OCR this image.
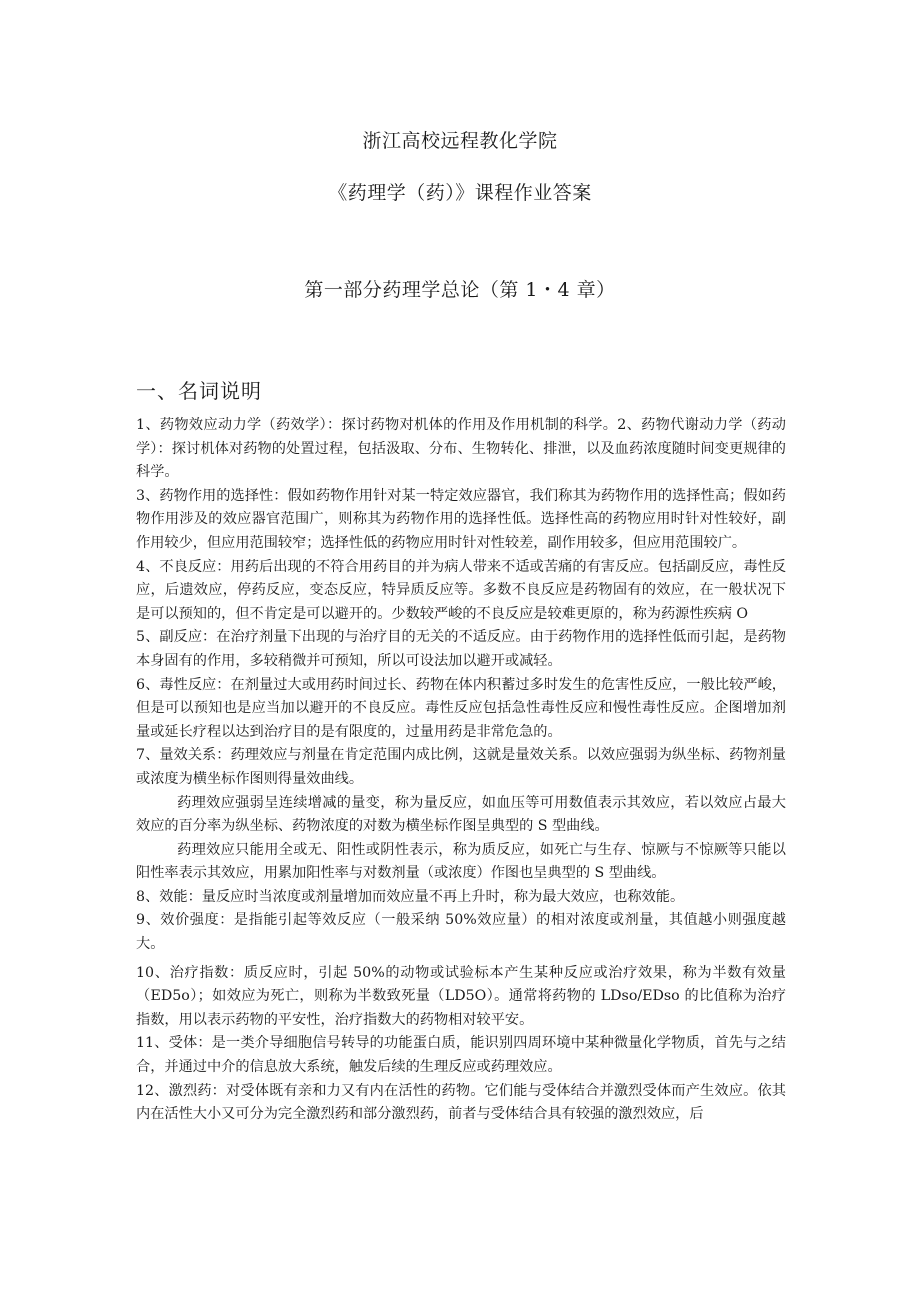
浙江高校远程教化学院
《药理学（药）》课程作业答案
第一部分药理学总论（第 1・4 章）
一、名词说明

1、药物效应动力学（药效学）：探讨药物对机体的作用及作用机制的科学。2、药物代谢动力学（药动学）：探讨机体对药物的处置过程，包括汲取、分布、生物转化、排泄，以及血药浓度随时间变更规律的科学。

3、药物作用的选择性：假如药物作用针对某一特定效应器官，我们称其为药物作用的选择性高；假如药物作用涉及的效应器官范围广，则称其为药物作用的选择性低。选择性高的药物应用时针对性较好，副作用较少，但应用范围较窄；选择性低的药物应用时针对性较差，副作用较多，但应用范围较广。

4、不良反应：用药后出现的不符合用药目的并为病人带来不适或苦痛的有害反应。包括副反应，毒性反应，后遗效应，停药反应，变态反应，特异质反应等。多数不良反应是药物固有的效应，在一般状况下是可以预知的，但不肯定是可以避开的。少数较严峻的不良反应是较难更原的，称为药源性疾病 O

5、副反应：在治疗剂量下出现的与治疗目的无关的不适反应。由于药物作用的选择性低而引起，是药物本身固有的作用，多较稍微并可预知，所以可设法加以避开或减轻。

6、毒性反应：在剂量过大或用药时间过长、药物在体内积蓄过多时发生的危害性反应，一般比较严峻，但是可以预知也是应当加以避开的不良反应。毒性反应包括急性毒性反应和慢性毒性反应。企图增加剂量或延长疗程以达到治疗目的是有限度的，过量用药是非常危急的。

7、量效关系：药理效应与剂量在肯定范围内成比例，这就是量效关系。以效应强弱为纵坐标、药物剂量或浓度为横坐标作图则得量效曲线。

药理效应强弱呈连续增减的量变，称为量反应，如血压等可用数值表示其效应，若以效应占最大效应的百分率为纵坐标、药物浓度的对数为横坐标作图呈典型的 S 型曲线。

药理效应只能用全或无、阳性或阴性表示，称为质反应，如死亡与生存、惊厥与不惊厥等只能以阳性率表示其效应，用累加阳性率与对数剂量（或浓度）作图也呈典型的 S 型曲线。

8、效能：量反应时当浓度或剂量增加而效应量不再上升时，称为最大效应，也称效能。

9、效价强度：是指能引起等效反应（一般采纳 50%效应量）的相对浓度或剂量，其值越小则强度越大。

10、治疗指数：质反应时，引起 50%的动物或试验标本产生某种反应或治疗效果，称为半数有效量（ED5o）；如效应为死亡，则称为半数致死量（LD5O）。通常将药物的 LDso/EDso 的比值称为治疗指数，用以表示药物的平安性，治疗指数大的药物相对较平安。

11、受体：是一类介导细胞信号转导的功能蛋白质，能识别四周环境中某种微量化学物质，首先与之结合，并通过中介的信息放大系统，触发后续的生理反应或药理效应。

12、激烈药：对受体既有亲和力又有内在活性的药物。它们能与受体结合并激烈受体而产生效应。依其内在活性大小又可分为完全激烈药和部分激烈药，前者与受体结合具有较强的激烈效应，后
